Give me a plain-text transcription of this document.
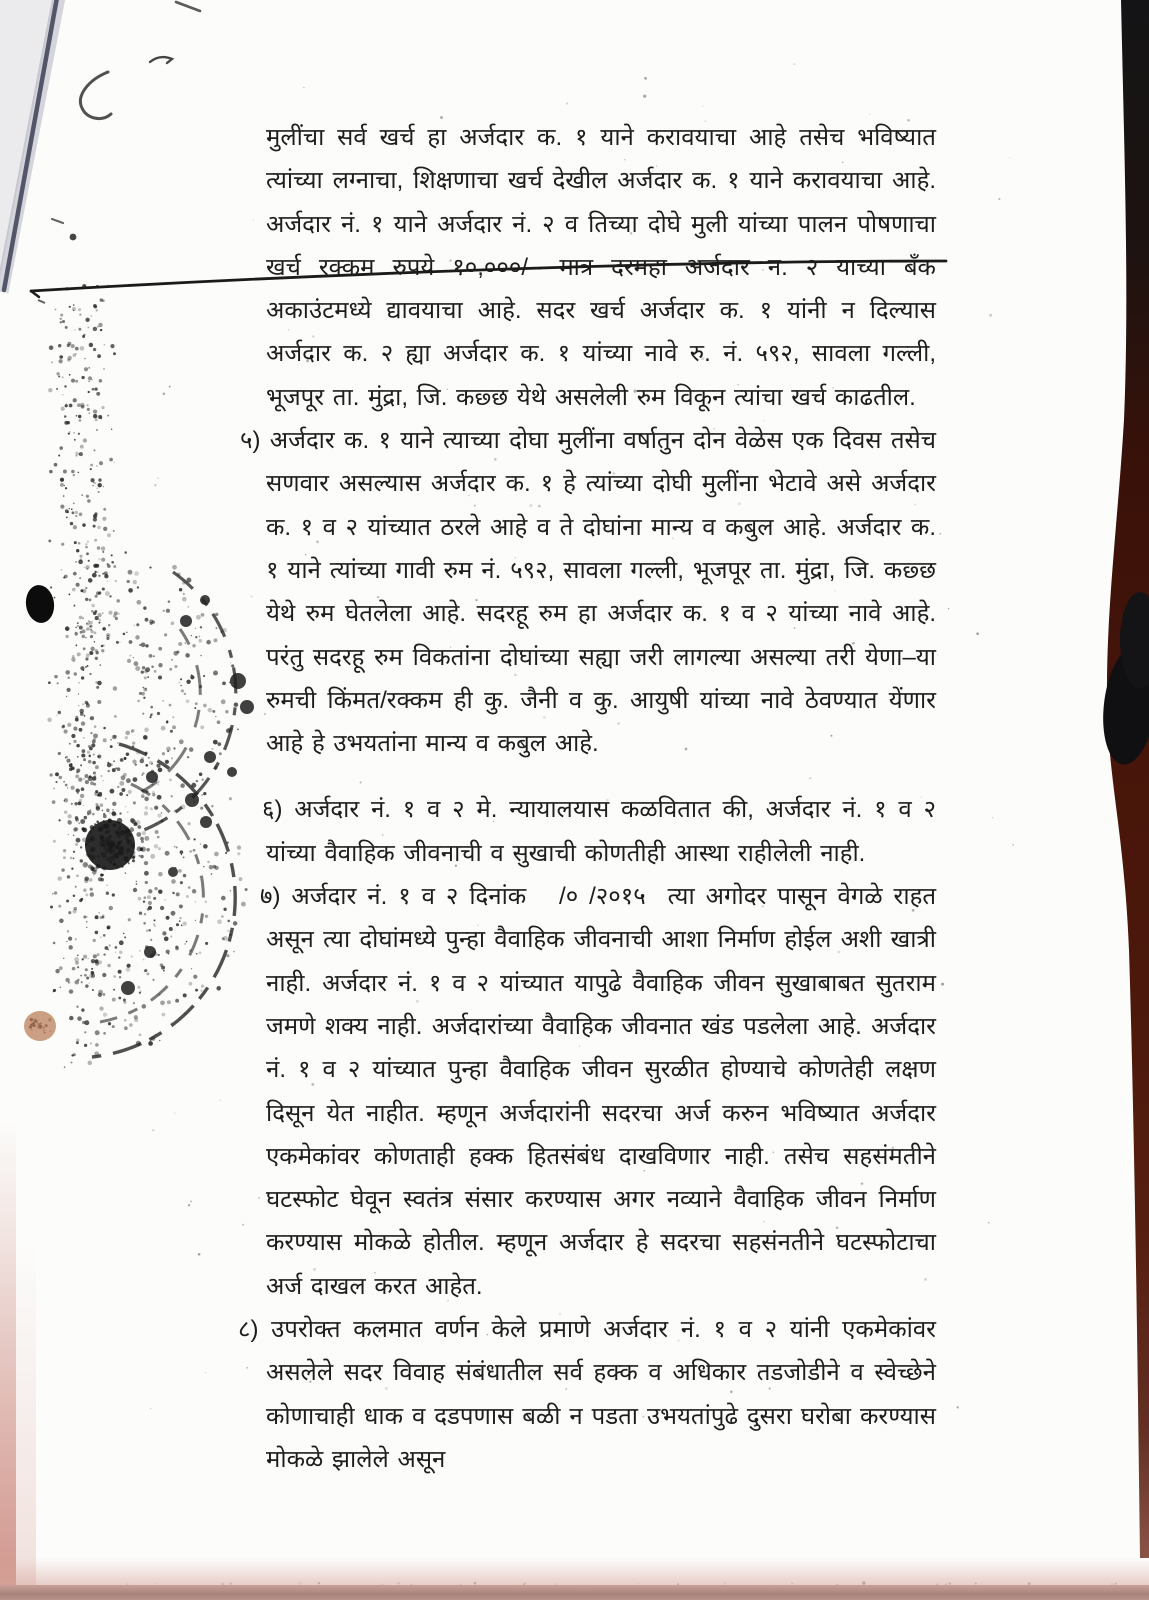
मुलींचा सर्व खर्च हा अर्जदार क. १ याने करावयाचा आहे तसेच भविष्यात त्यांच्या लग्नाचा, शिक्षणाचा खर्च देखील अर्जदार क. १ याने करावयाचा आहे. अर्जदार नं. १ याने अर्जदार नं. २ व तिच्या दोघे मुली यांच्या पालन पोषणाचा खर्च रक्कम रुपये १०,०००/– मात्र दरमहा अर्जदार न. २ याच्या बँक अकाउंटमध्ये द्यावयाचा आहे. सदर खर्च अर्जदार क. १ यांनी न दिल्यास अर्जदार क. २ ह्या अर्जदार क. १ यांच्या नावे रु. नं. ५९२, सावला गल्ली, भूजपूर ता. मुंद्रा, जि. कछ्छ येथे असलेली रुम विकून त्यांचा खर्च काढतील.

५) अर्जदार क. १ याने त्याच्या दोघा मुलींना वर्षातुन दोन वेळेस एक दिवस तसेच सणवार असल्यास अर्जदार क. १ हे त्यांच्या दोघी मुलींना भेटावे असे अर्जदार क. १ व २ यांच्यात ठरले आहे व ते दोघांना मान्य व कबुल आहे. अर्जदार क. १ याने त्यांच्या गावी रुम नं. ५९२, सावला गल्ली, भूजपूर ता. मुंद्रा, जि. कछ्छ येथे रुम घेतलेला आहे. सदरहू रुम हा अर्जदार क. १ व २ यांच्या नावे आहे. परंतु सदरहू रुम विकतांना दोघांच्या सह्या जरी लागल्या असल्या तरी येणा–या रुमची किंमत/रक्कम ही कु. जैनी व कु. आयुषी यांच्या नावे ठेवण्यात येंणार आहे हे उभयतांना मान्य व कबुल आहे.

६) अर्जदार नं. १ व २ मे. न्यायालयास कळवितात की, अर्जदार नं. १ व २ यांच्या वैवाहिक जीवनाची व सुखाची कोणतीही आस्था राहीलेली नाही.

७) अर्जदार नं. १ व २ दिनांक   /० /२०१५  त्या अगोदर पासून वेगळे राहत असून त्या दोघांमध्ये पुन्हा वैवाहिक जीवनाची आशा निर्माण होईल अशी खात्री नाही. अर्जदार नं. १ व २ यांच्यात यापुढे वैवाहिक जीवन सुखाबाबत सुतराम जमणे शक्य नाही. अर्जदारांच्या वैवाहिक जीवनात खंड पडलेला आहे. अर्जदार नं. १ व २ यांच्यात पुन्हा वैवाहिक जीवन सुरळीत होण्याचे कोणतेही लक्षण दिसून येत नाहीत. म्हणून अर्जदारांनी सदरचा अर्ज करुन भविष्यात अर्जदार एकमेकांवर कोणताही हक्क हितसंबंध दाखविणार नाही. तसेच सहसंमतीने घटस्फोट घेवून स्वतंत्र संसार करण्यास अगर नव्याने वैवाहिक जीवन निर्माण करण्यास मोकळे होतील. म्हणून अर्जदार हे सदरचा सहसंनतीने घटस्फोटाचा अर्ज दाखल करत आहेत.

८) उपरोक्त कलमात वर्णन केले प्रमाणे अर्जदार नं. १ व २ यांनी एकमेकांवर असलेले सदर विवाह संबंधातील सर्व हक्क व अधिकार तडजोडीने व स्वेच्छेने कोणाचाही धाक व दडपणास बळी न पडता उभयतांपुढे दुसरा घरोबा करण्यास मोकळे झालेले असून
